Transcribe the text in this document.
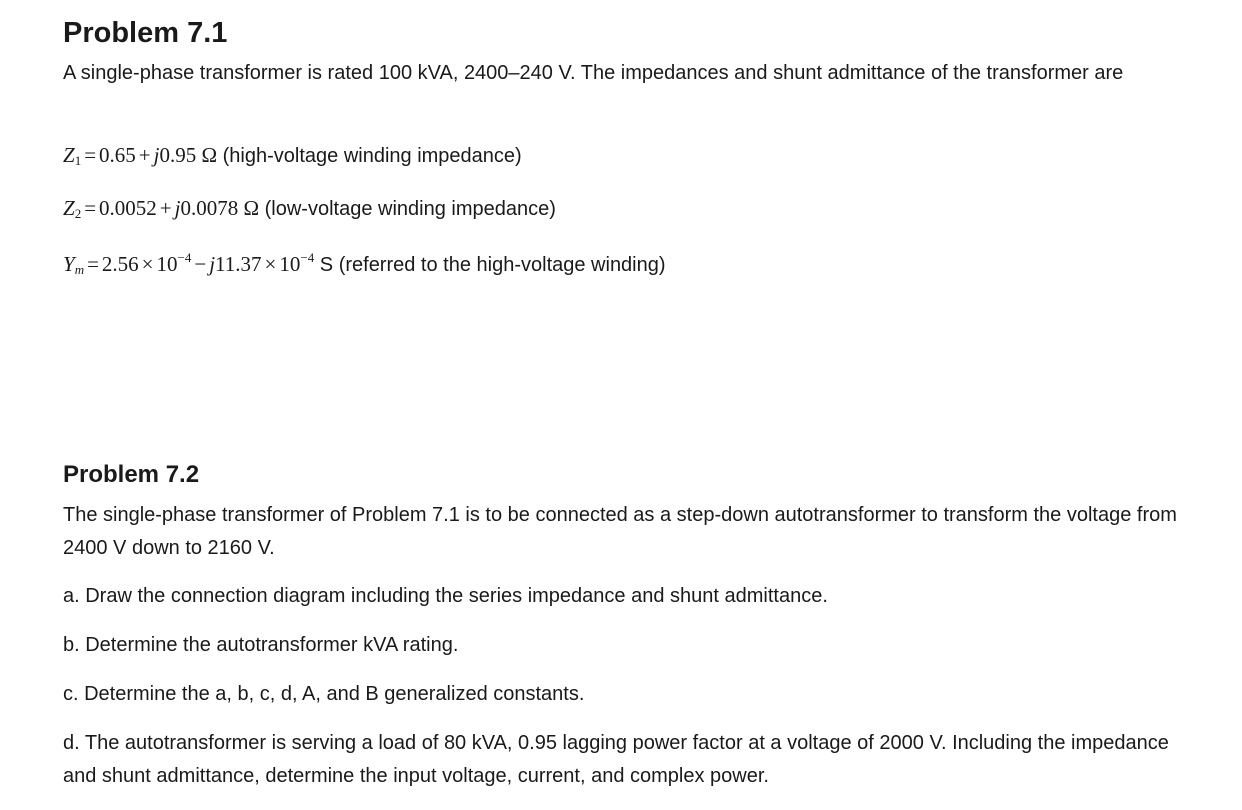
Problem 7.1

A single-phase transformer is rated 100 kVA, 2400–240 V. The impedances and shunt admittance of the transformer are

$Z_1 = 0.65 + j0.95$ Ω (high-voltage winding impedance)
$Z_2 = 0.0052 + j0.0078$ Ω (low-voltage winding impedance)
$Y_m = 2.56 \times 10^{-4} - j11.37 \times 10^{-4}$ S (referred to the high-voltage winding)
Problem 7.2

The single-phase transformer of Problem 7.1 is to be connected as a step-down autotransformer to transform the voltage from 2400 V down to 2160 V.

a. Draw the connection diagram including the series impedance and shunt admittance.
b. Determine the autotransformer kVA rating.
c. Determine the a, b, c, d, A, and B generalized constants.

d. The autotransformer is serving a load of 80 kVA, 0.95 lagging power factor at a voltage of 2000 V. Including the impedance and shunt admittance, determine the input voltage, current, and complex power.
